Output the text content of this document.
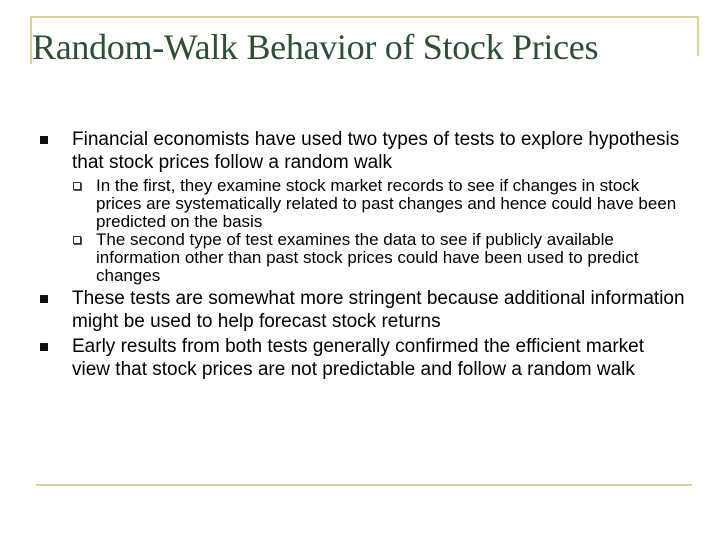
Random-Walk Behavior of Stock Prices
Financial economists have used two types of tests to explore hypothesis that stock prices follow a random walk
In the first, they examine stock market records to see if changes in stock prices are systematically related to past changes and hence could have been predicted on the basis
The second type of test examines the data to see if publicly available information other than past stock prices could have been used to predict changes
These tests are somewhat more stringent because additional information might be used to help forecast stock returns
Early results from both tests generally confirmed the efficient market view that stock prices are not predictable and follow a random walk
